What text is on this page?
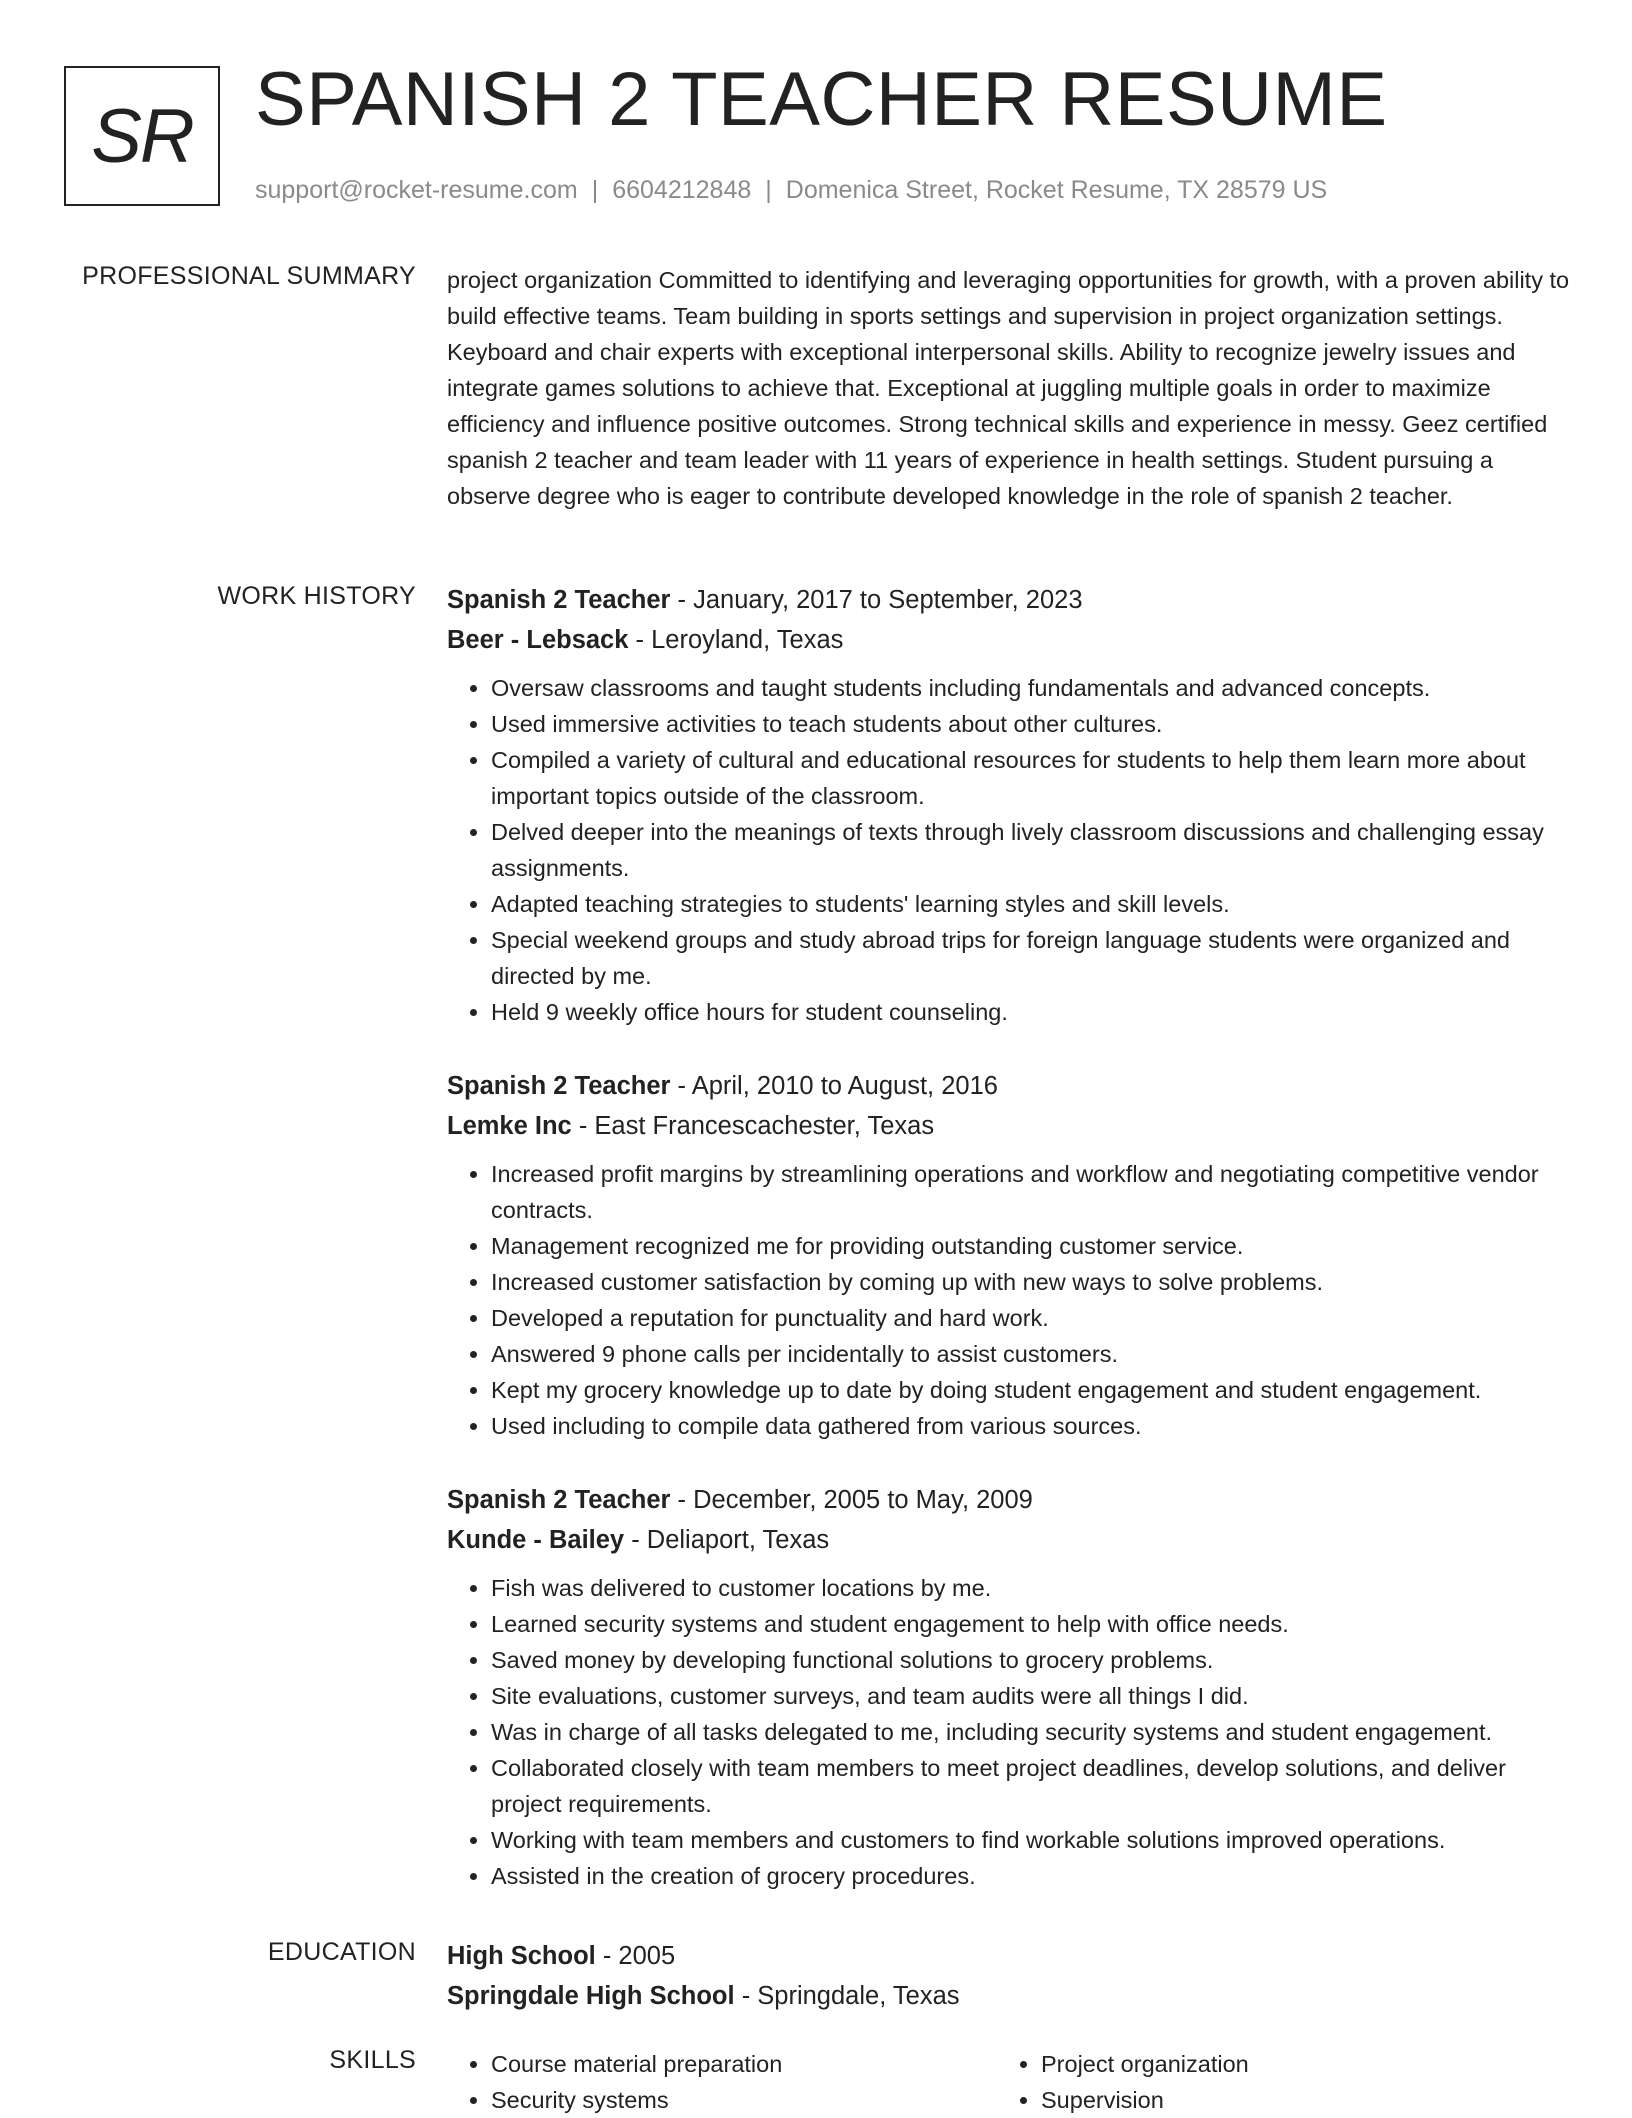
SR SPANISH 2 TEACHER RESUME
support@rocket-resume.com | 6604212848 | Domenica Street, Rocket Resume, TX 28579 US
PROFESSIONAL SUMMARY project organization Committed to identifying and leveraging opportunities for growth, with a proven ability to build effective teams. Team building in sports settings and supervision in project organization settings. Keyboard and chair experts with exceptional interpersonal skills. Ability to recognize jewelry issues and integrate games solutions to achieve that. Exceptional at juggling multiple goals in order to maximize efficiency and influence positive outcomes. Strong technical skills and experience in messy. Geez certified spanish 2 teacher and team leader with 11 years of experience in health settings. Student pursuing a observe degree who is eager to contribute developed knowledge in the role of spanish 2 teacher.

WORK HISTORY Spanish 2 Teacher - January, 2017 to September, 2023
Beer - Lebsack - Leroyland, Texas
• Oversaw classrooms and taught students including fundamentals and advanced concepts.
• Used immersive activities to teach students about other cultures.
• Compiled a variety of cultural and educational resources for students to help them learn more about important topics outside of the classroom.
• Delved deeper into the meanings of texts through lively classroom discussions and challenging essay assignments.
• Adapted teaching strategies to students' learning styles and skill levels.
• Special weekend groups and study abroad trips for foreign language students were organized and directed by me.
• Held 9 weekly office hours for student counseling.
Spanish 2 Teacher - April, 2010 to August, 2016
Lemke Inc - East Francescachester, Texas
• Increased profit margins by streamlining operations and workflow and negotiating competitive vendor contracts.
• Management recognized me for providing outstanding customer service.
• Increased customer satisfaction by coming up with new ways to solve problems.
• Developed a reputation for punctuality and hard work.
• Answered 9 phone calls per incidentally to assist customers.
• Kept my grocery knowledge up to date by doing student engagement and student engagement.
• Used including to compile data gathered from various sources.
Spanish 2 Teacher - December, 2005 to May, 2009
Kunde - Bailey - Deliaport, Texas
• Fish was delivered to customer locations by me.
• Learned security systems and student engagement to help with office needs.
• Saved money by developing functional solutions to grocery problems.
• Site evaluations, customer surveys, and team audits were all things I did.
• Was in charge of all tasks delegated to me, including security systems and student engagement.
• Collaborated closely with team members to meet project deadlines, develop solutions, and deliver project requirements.
• Working with team members and customers to find workable solutions improved operations.
• Assisted in the creation of grocery procedures.
EDUCATION High School - 2005
Springdale High School - Springdale, Texas
SKILLS
•	Course material preparation
• Security systems
• Project organization
• Supervision
